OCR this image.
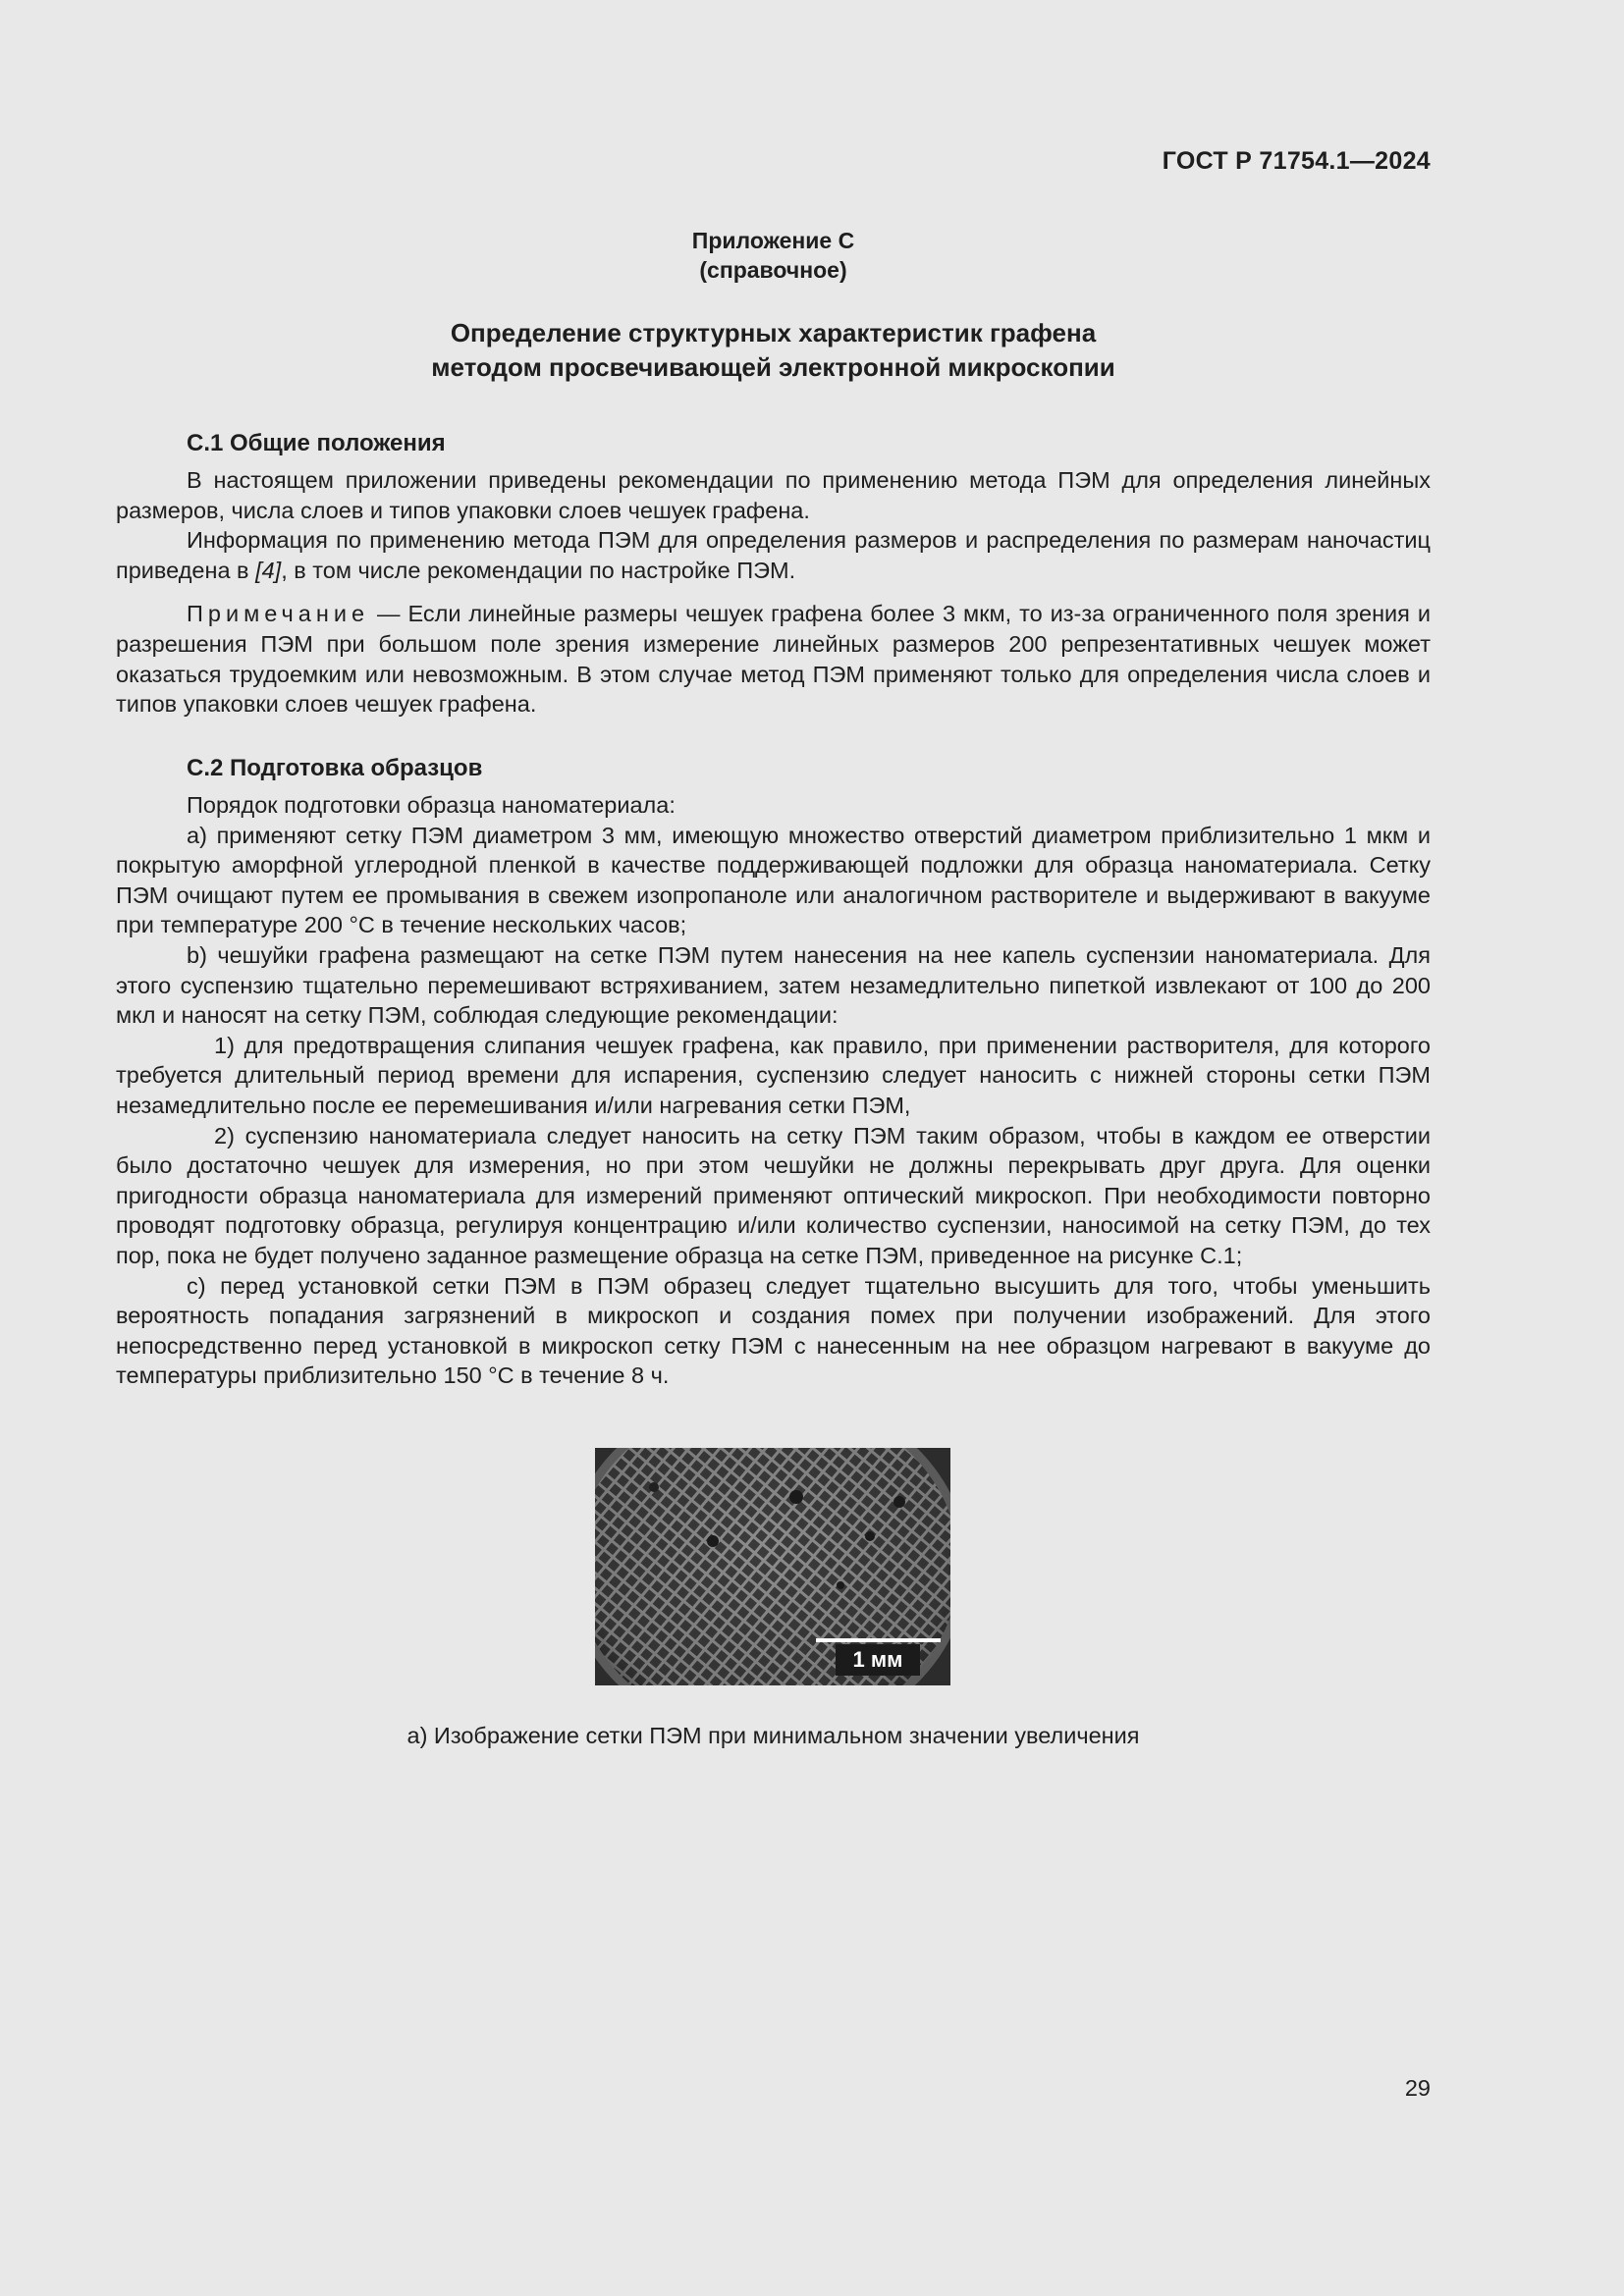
ГОСТ Р 71754.1—2024
Приложение С
(справочное)
Определение структурных характеристик графена
методом просвечивающей электронной микроскопии
С.1 Общие положения

В настоящем приложении приведены рекомендации по применению метода ПЭМ для определения линейных размеров, числа слоев и типов упаковки слоев чешуек графена.

Информация по применению метода ПЭМ для определения размеров и распределения по размерам наночастиц приведена в [4], в том числе рекомендации по настройке ПЭМ.

Примечание — Если линейные размеры чешуек графена более 3 мкм, то из-за ограниченного поля зрения и разрешения ПЭМ при большом поле зрения измерение линейных размеров 200 репрезентативных чешуек может оказаться трудоемким или невозможным. В этом случае метод ПЭМ применяют только для определения числа слоев и типов упаковки слоев чешуек графена.

С.2 Подготовка образцов

Порядок подготовки образца наноматериала:

а) применяют сетку ПЭМ диаметром 3 мм, имеющую множество отверстий диаметром приблизительно 1 мкм и покрытую аморфной углеродной пленкой в качестве поддерживающей подложки для образца наноматериала. Сетку ПЭМ очищают путем ее промывания в свежем изопропаноле или аналогичном растворителе и выдерживают в вакууме при температуре 200 °С в течение нескольких часов;

b) чешуйки графена размещают на сетке ПЭМ путем нанесения на нее капель суспензии наноматериала. Для этого суспензию тщательно перемешивают встряхиванием, затем незамедлительно пипеткой извлекают от 100 до 200 мкл и наносят на сетку ПЭМ, соблюдая следующие рекомендации:

1) для предотвращения слипания чешуек графена, как правило, при применении растворителя, для которого требуется длительный период времени для испарения, суспензию следует наносить с нижней стороны сетки ПЭМ незамедлительно после ее перемешивания и/или нагревания сетки ПЭМ,

2) суспензию наноматериала следует наносить на сетку ПЭМ таким образом, чтобы в каждом ее отверстии было достаточно чешуек для измерения, но при этом чешуйки не должны перекрывать друг друга. Для оценки пригодности образца наноматериала для измерений применяют оптический микроскоп. При необходимости повторно проводят подготовку образца, регулируя концентрацию и/или количество суспензии, наносимой на сетку ПЭМ, до тех пор, пока не будет получено заданное размещение образца на сетке ПЭМ, приведенное на рисунке С.1;

с) перед установкой сетки ПЭМ в ПЭМ образец следует тщательно высушить для того, чтобы уменьшить вероятность попадания загрязнений в микроскоп и создания помех при получении изображений. Для этого непосредственно перед установкой в микроскоп сетку ПЭМ с нанесенным на нее образцом нагревают в вакууме до температуры приблизительно 150 °С в течение 8 ч.

1 мм
а) Изображение сетки ПЭМ при минимальном значении увеличения
29
